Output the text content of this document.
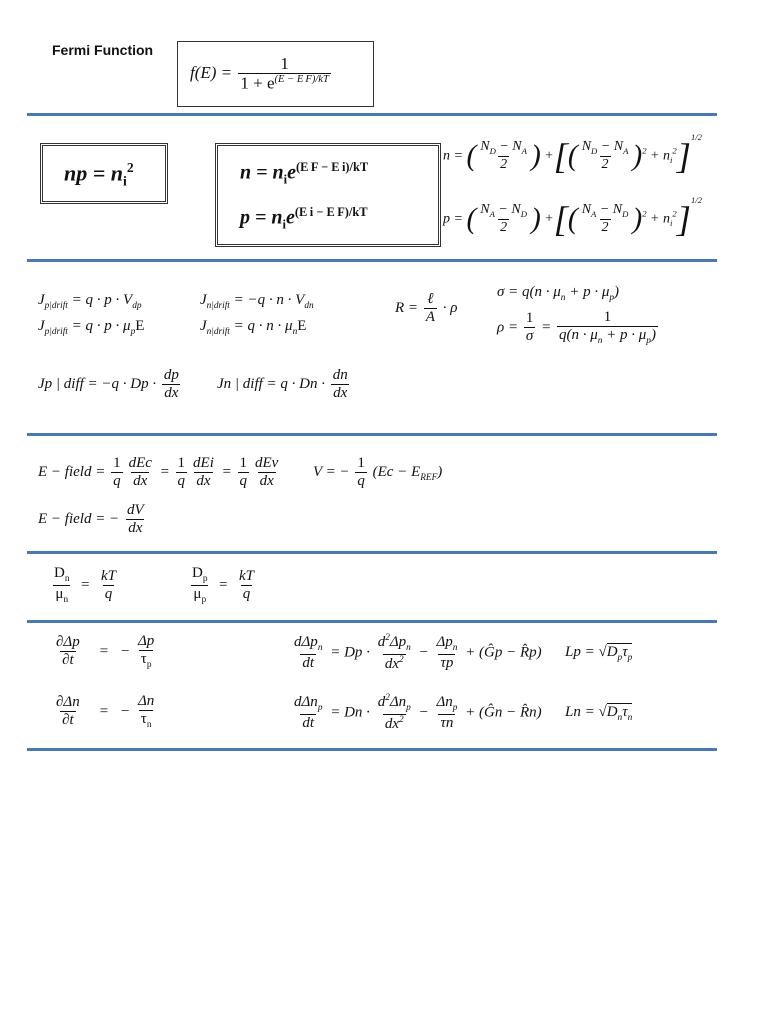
Fermi Function
$f(E) = \frac{1}{1 + e^{(E - E F)/kT}}$
np = $n_i^2$	$n = n_ie^{(E F - E i)/kT}$
$p = n_ie^{(E i - E F)/kT}$
n = ( $\frac{N_D - N_A}{2}$ ) +[( $\frac{N_D - N_A}{2} )^2 + n_i^2]^{1/2}$
p = ( $\frac{N_A - N_D}{2}$ ) +[( $\frac{N_A - N_D}{2} )^2 + n_i^2]^{1/2}$
$J_{p|drift} = q \cdot p \cdot V_{dp}$	$J_{n|drift} = -q \cdot n \cdot V_{dn}$
$J_{p|drift} = q \cdot p \cdot \mu_pE$	$J_{n|drift} = q \cdot n \cdot \mu_nE$
$R = \frac{\text{ℓ}}{A} \cdot \rho$
$\sigma = q(n \cdot \mu_n + p \cdot \mu_p)$
$\rho = \frac{1}{\sigma} = \frac{1}{q(n \cdot \mu_n + p \cdot \mu_p)}$
Jp | diff = $-q \cdot Dp \cdot \frac{dp}{dx}$ Jn | diff = $q \cdot Dn \cdot \frac{dn}{dx}$
E − field = $\frac{1}{q} \frac{\text{dEc}}{dx} = \frac{1}{q} \frac{\text{dEi}}{dx} = \frac{1}{q} \frac{\text{dEv}}{dx}$ V = − $\frac{1}{q} (Ec - E_{REF})$
E − field = − $\frac{dV}{dx}$
$\frac{D_n}{\mu_n} = \frac{kT}{q}$	$\frac{D_p}{\mu_p} = \frac{kT}{q}$
$\frac{\partial\Delta p}{\partial t}$ =   − $\frac{\Delta p}{\tau_p}$
$\frac{\partial\Delta n}{\partial t}$ =   − $\frac{\Delta n}{\tau_n}$
$\frac{d\Delta p_n}{dt} = Dp \cdot \frac{d^2\Delta p_n}{dx^2} - \frac{\Delta p_n}{\tau p}$ + (Ĝp − R̂p) $Lp = √D_p\tau_p$
$\frac{d\Delta n_p}{dt} = Dn \cdot \frac{d^2\Delta n_p}{dx^2} - \frac{\Delta n_p}{\tau n}$ + (Ĝn − R̂n) $Ln = √D_n\tau_n$
